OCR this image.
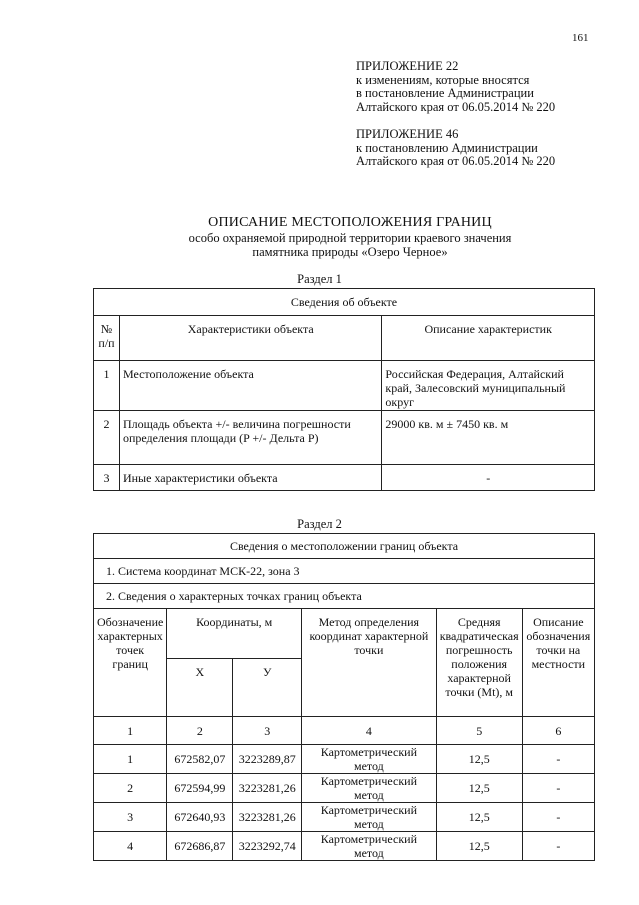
161
ПРИЛОЖЕНИЕ 22
к изменениям, которые вносятся
в постановление Администрации
Алтайского края от 06.05.2014 № 220
ПРИЛОЖЕНИЕ 46
к постановлению Администрации
Алтайского края от 06.05.2014 № 220
ОПИСАНИЕ МЕСТОПОЛОЖЕНИЯ ГРАНИЦ
особо охраняемой природной территории краевого значения
памятника природы «Озеро Черное»
Раздел 1
Сведения об объекте		
№ п/п	Характеристики объекта	Описание характеристик
1	Местоположение объекта	Российская Федерация, Алтайский край, Залесовский муниципальный округ
2	Площадь объекта +/- величина погрешности определения площади (P +/- Дельта P)	29000 кв. м ± 7450 кв. м
3	Иные характеристики объекта	-
Раздел 2
Сведения о местоположении границ объекта					
1. Система координат МСК-22, зона 3					
2. Сведения о характерных точках границ объекта					
Обозначение характерных точек границ	Координаты, м		Метод определения координат характерной точки	Средняя квадратическая погрешность положения характерной точки (Mt), м	Описание обозначения точки на местности
	X	У			
1	2	3	4	5	6
1	672582,07	3223289,87	Картометрический метод	12,5	-
2	672594,99	3223281,26	Картометрический метод	12,5	-
3	672640,93	3223281,26	Картометрический метод	12,5	-
4	672686,87	3223292,74	Картометрический метод	12,5	-
